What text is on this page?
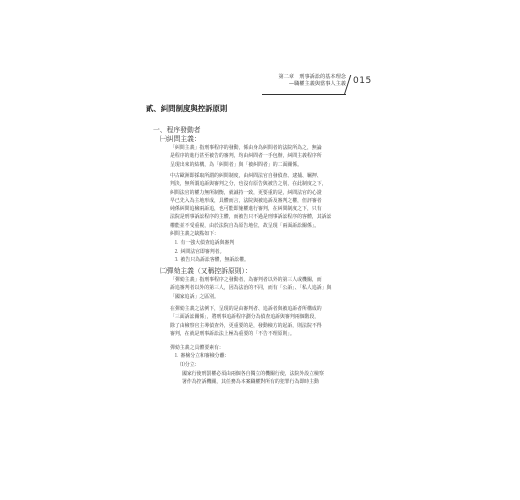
第二章　刑事訴訟的基本理念
—職權主義與當事人主義 015
貳、糾問制度與控訴原則
一、程序發動者
㈠糾問主義：
「糾問主義」指刑事程序的發動，係由身為糾問者的法院所為之，無論
是程序的進行甚至被告的審判，均由糾問者一手包辦，糾問主義程序所
呈現出來的結構，為「糾問者」與「被糾問者」的二面關係。
中古歐洲即採取所謂的糾問制度，由糾問法官自發偵查、逮捕、羈押、
判決，無所謂追訴與審判之分，也沒有原告與被告之別，在此制度之下，
糾問法官的權力無所制衡，就誠持一致，更要重的是，糾問法官的心證
早已先入為主地形成，具體而言，法院與被追訴及審判之權，但評審者
純係糾問追檢兩訴追，也可能即施權進行審判，在糾問制度之下，只有
法院是刑事訴訟程序的主體，而被告只不過是刑事訴訟程序的客體，其訴訟
權能並不受重視，由於法院自為原告地位，故呈現「兩面訴訟關係」。
糾問主義之缺點如下：
⒈ 有一強大偵查追訴與審判
⒉ 糾問法官即審判者。
⒊ 被告只為訴訟客體，無訴訟權。
㈡彈劾主義（又稱控訴原則）：
「彈劾主義」指刑事程序之發動者，為審判者以外的第三人或機關，而
訴追審判者以外的第三人，因為法治的不同，而有「公訴」、「私人追訴」與
「國家追訴」之區別。
在彈劾主義之法例下，呈現的是由審判者、追訴者與被追訴者所構成的
「三面訴訟關係」，將刑事追訴程序劃分為偵查追訴與審判兩個階段，
除了由檢察官主導偵查外，更重要的是，發動檢方的起訴，則法院不得
審判，在就是刑事訴訟法上極為重要的「不告不理原則」。
彈劾主義之具體要素有：
⒈ 審檢分立和審檢分離：
⑴分立：
國家行使刑罰權必須由兩個各自獨立的機關行使，法院外設立檢察
署作為控訴機關，其任務為本案職權對所有的犯罪行為即時主動
